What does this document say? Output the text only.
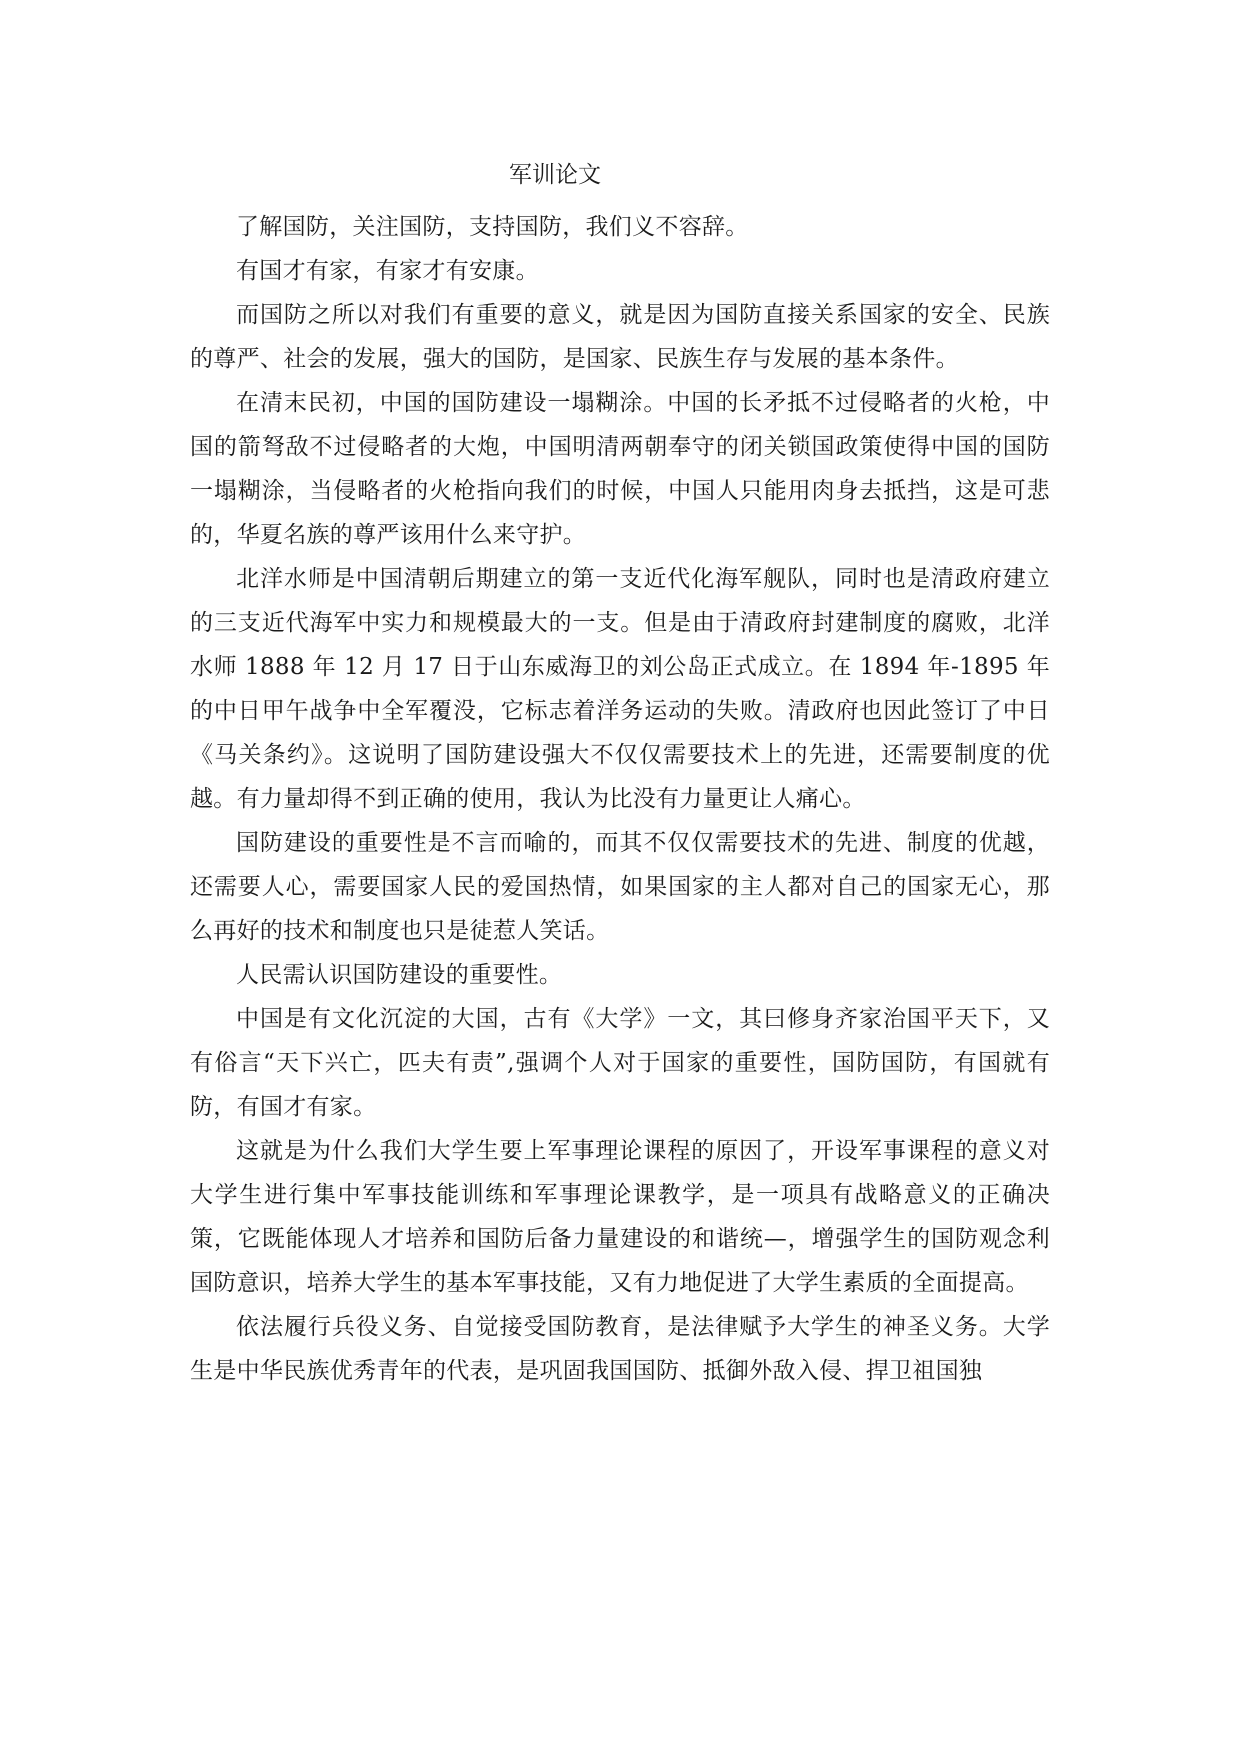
军训论文

了解国防，关注国防，支持国防，我们义不容辞。

有国才有家，有家才有安康。

而国防之所以对我们有重要的意义，就是因为国防直接关系国家的安全、民族的尊严、社会的发展，强大的国防，是国家、民族生存与发展的基本条件。

在清末民初，中国的国防建设一塌糊涂。中国的长矛抵不过侵略者的火枪，中国的箭弩敌不过侵略者的大炮，中国明清两朝奉守的闭关锁国政策使得中国的国防一塌糊涂，当侵略者的火枪指向我们的时候，中国人只能用肉身去抵挡，这是可悲的，华夏名族的尊严该用什么来守护。

北洋水师是中国清朝后期建立的第一支近代化海军舰队，同时也是清政府建立的三支近代海军中实力和规模最大的一支。但是由于清政府封建制度的腐败，北洋水师 1888 年 12 月 17 日于山东威海卫的刘公岛正式成立。在 1894 年-1895 年的中日甲午战争中全军覆没，它标志着洋务运动的失败。清政府也因此签订了中日《马关条约》。这说明了国防建设强大不仅仅需要技术上的先进，还需要制度的优越。有力量却得不到正确的使用，我认为比没有力量更让人痛心。

国防建设的重要性是不言而喻的，而其不仅仅需要技术的先进、制度的优越，还需要人心，需要国家人民的爱国热情，如果国家的主人都对自己的国家无心，那么再好的技术和制度也只是徒惹人笑话。

人民需认识国防建设的重要性。

中国是有文化沉淀的大国，古有《大学》一文，其曰修身齐家治国平天下，又有俗言“天下兴亡，匹夫有责”,强调个人对于国家的重要性，国防国防，有国就有防，有国才有家。

这就是为什么我们大学生要上军事理论课程的原因了，开设军事课程的意义对大学生进行集中军事技能训练和军事理论课教学，是一项具有战略意义的正确决策，它既能体现人才培养和国防后备力量建设的和谐统—，增强学生的国防观念利国防意识，培养大学生的基本军事技能，又有力地促进了大学生素质的全面提高。

依法履行兵役义务、自觉接受国防教育，是法律赋予大学生的神圣义务。大学生是中华民族优秀青年的代表，是巩固我国国防、抵御外敌入侵、捍卫祖国独
